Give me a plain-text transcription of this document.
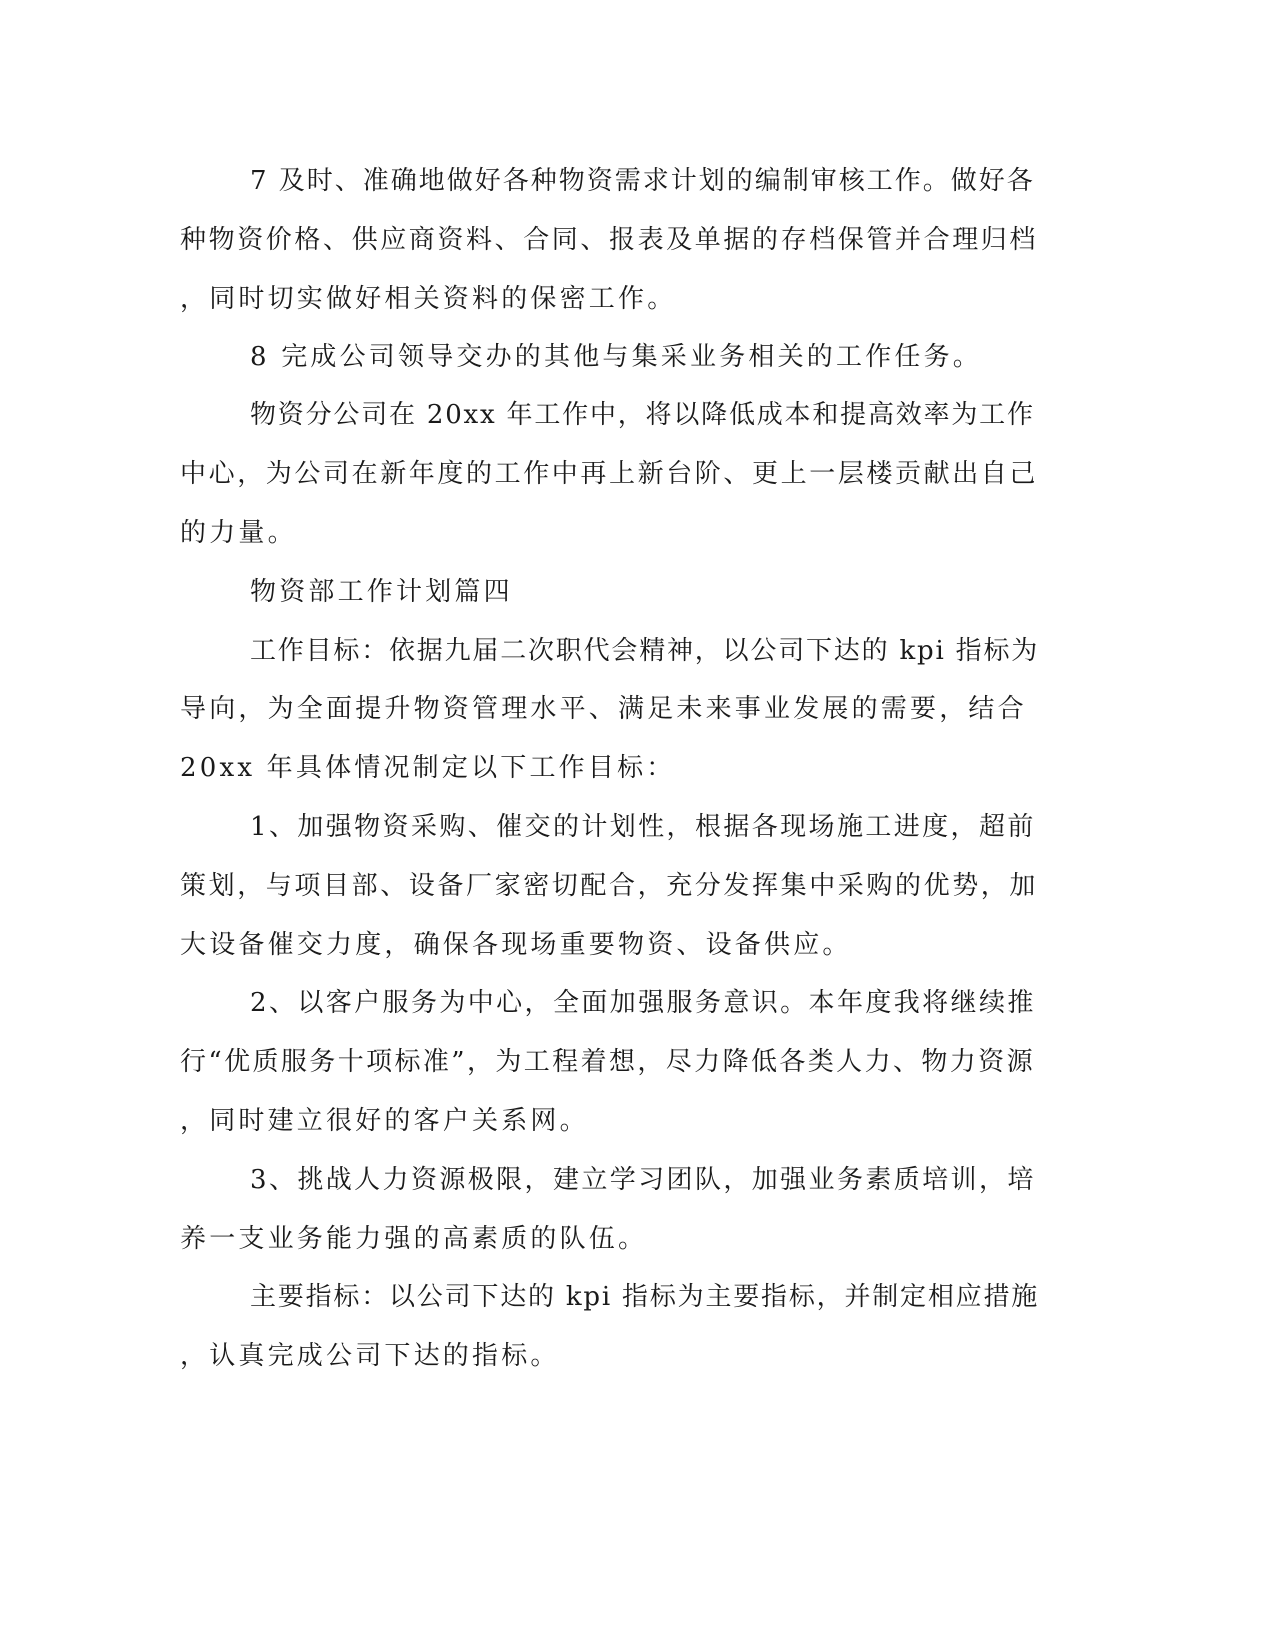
7 及时、准确地做好各种物资需求计划的编制审核工作。做好各
种物资价格、供应商资料、合同、报表及单据的存档保管并合理归档
，同时切实做好相关资料的保密工作。
8 完成公司领导交办的其他与集采业务相关的工作任务。
物资分公司在 20xx 年工作中，将以降低成本和提高效率为工作
中心，为公司在新年度的工作中再上新台阶、更上一层楼贡献出自己
的力量。
物资部工作计划篇四
工作目标：依据九届二次职代会精神，以公司下达的 kpi 指标为
导向，为全面提升物资管理水平、满足未来事业发展的需要，结合
20xx 年具体情况制定以下工作目标：
1、加强物资采购、催交的计划性，根据各现场施工进度，超前
策划，与项目部、设备厂家密切配合，充分发挥集中采购的优势，加
大设备催交力度，确保各现场重要物资、设备供应。
2、以客户服务为中心，全面加强服务意识。本年度我将继续推
行“优质服务十项标准”，为工程着想，尽力降低各类人力、物力资源
，同时建立很好的客户关系网。
3、挑战人力资源极限，建立学习团队，加强业务素质培训，培
养一支业务能力强的高素质的队伍。
主要指标：以公司下达的 kpi 指标为主要指标，并制定相应措施
，认真完成公司下达的指标。
